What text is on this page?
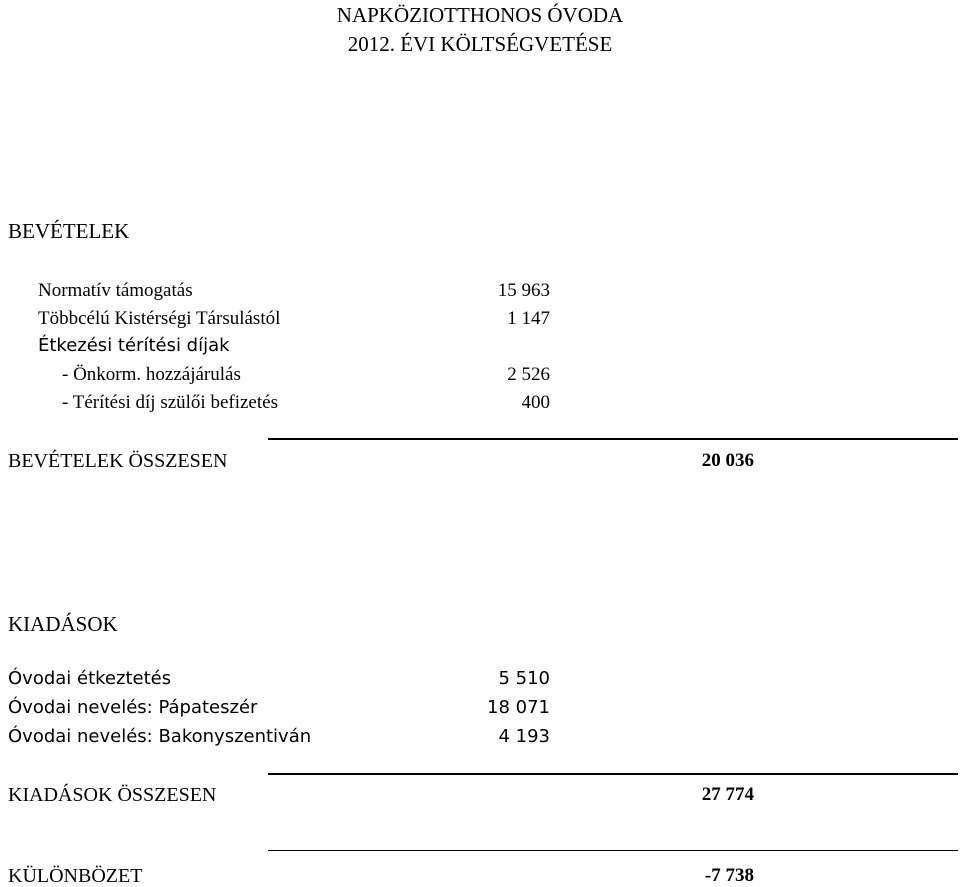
NAPKÖZIOTTHONOS ÓVODA
2012. ÉVI KÖLTSÉGVETÉSE
BEVÉTELEK
Normatív támogatás	15 963
Többcélú Kistérségi Társulástól	1 147
Étkezési térítési díjak
- Önkorm. hozzájárulás	2 526
- Térítési díj szülői befizetés	400
BEVÉTELEK ÖSSZESEN	20 036
KIADÁSOK
Óvodai étkeztetés	5 510
Óvodai nevelés: Pápateszér	18 071
Óvodai nevelés: Bakonyszentiván	4 193
KIADÁSOK ÖSSZESEN	27 774
KÜLÖNBÖZET	-7 738
